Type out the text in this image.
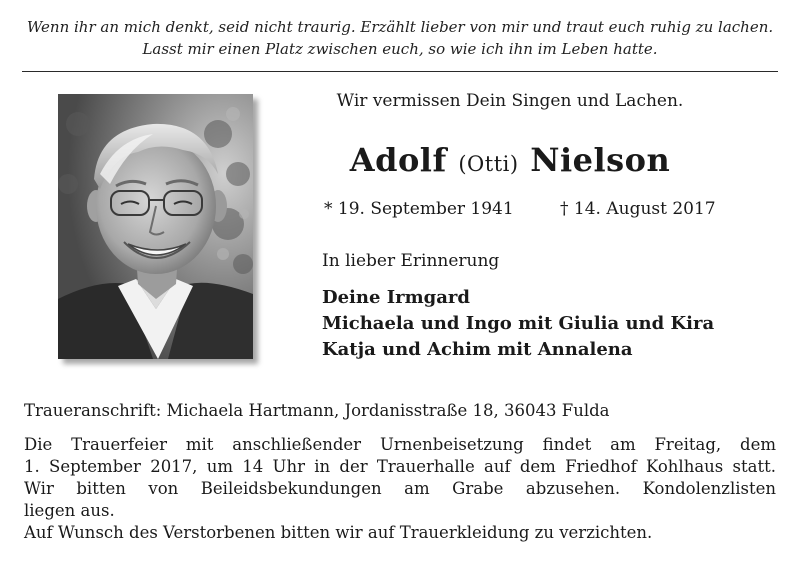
Wenn ihr an mich denkt, seid nicht traurig. Erzählt lieber von mir und traut euch ruhig zu lachen.
Lasst mir einen Platz zwischen euch, so wie ich ihn im Leben hatte.
Wir vermissen Dein Singen und Lachen.
Adolf (Otti) Nielson
* 19. September 1941	† 14. August 2017
In lieber Erinnerung
Deine Irmgard
Michaela und Ingo mit Giulia und Kira
Katja und Achim mit Annalena
Traueranschrift: Michaela Hartmann, Jordanisstraße 18, 36043 Fulda
Die Trauerfeier mit anschließender Urnenbeisetzung findet am Freitag, dem
1. September 2017, um 14 Uhr in der Trauerhalle auf dem Friedhof Kohlhaus statt.
Wir bitten von Beileidsbekundungen am Grabe abzusehen. Kondolenzlisten
liegen aus.
Auf Wunsch des Verstorbenen bitten wir auf Trauerkleidung zu verzichten.
